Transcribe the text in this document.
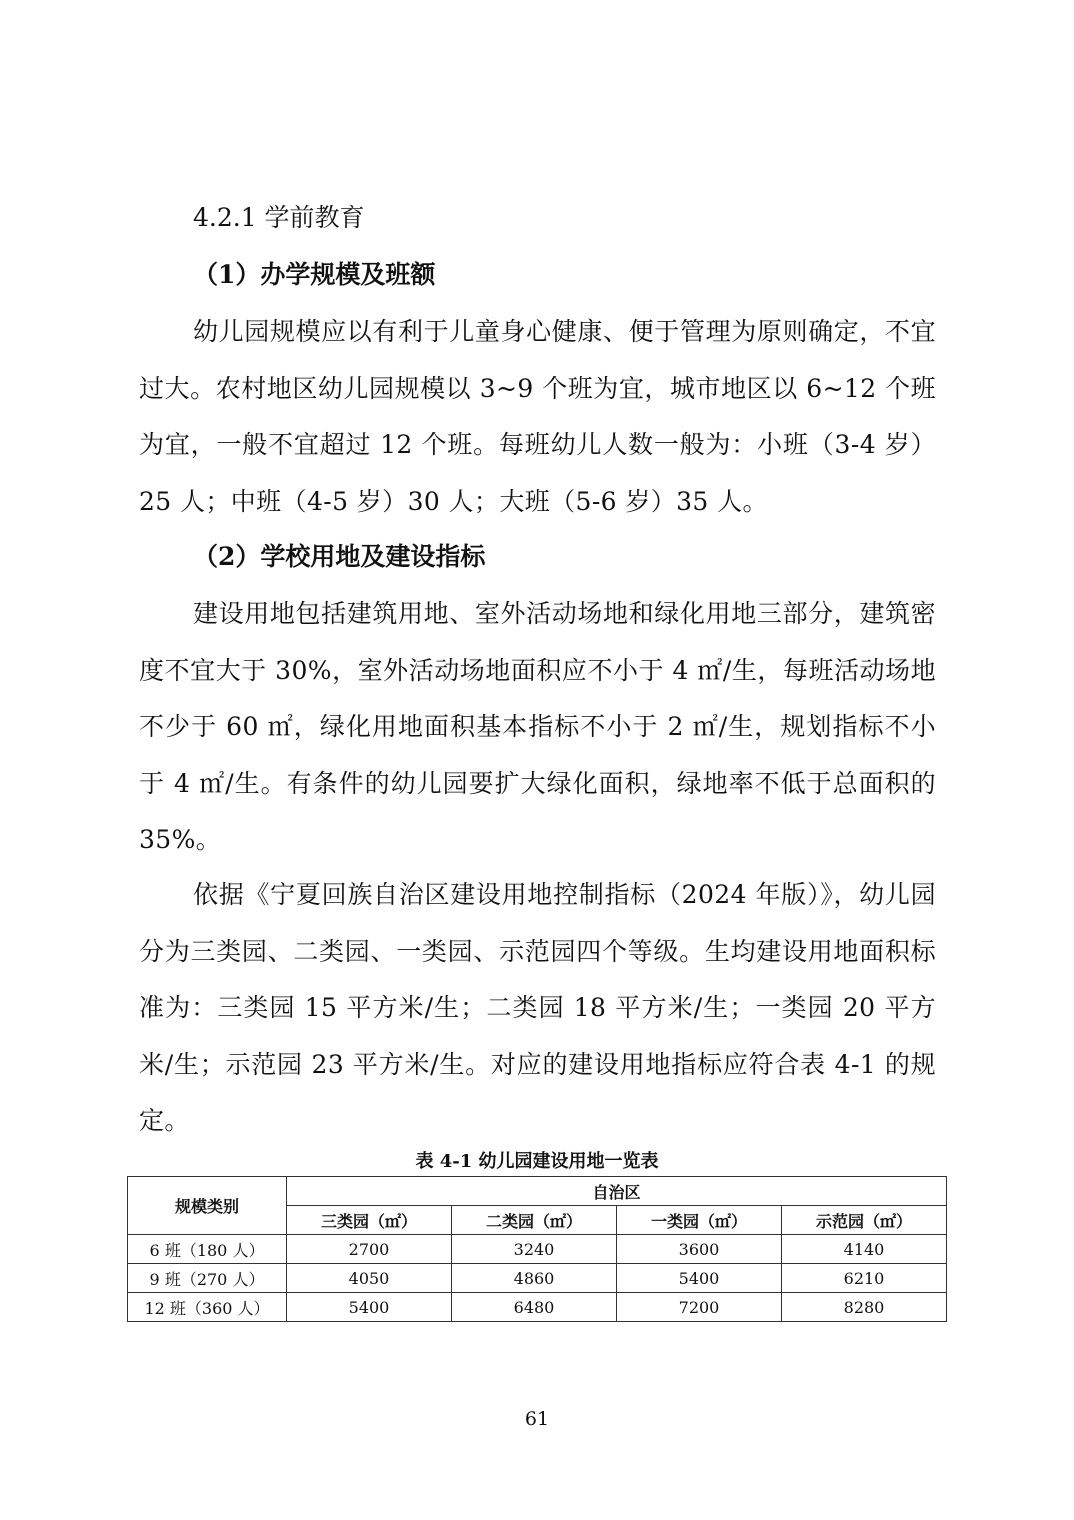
4.2.1 学前教育
（1）办学规模及班额

幼儿园规模应以有利于儿童身心健康、便于管理为原则确定，不宜过大。农村地区幼儿园规模以 3~9 个班为宜，城市地区以 6~12 个班为宜，一般不宜超过 12 个班。每班幼儿人数一般为：小班（3-4 岁）25 人；中班（4-5 岁）30 人；大班（5-6 岁）35 人。

（2）学校用地及建设指标

建设用地包括建筑用地、室外活动场地和绿化用地三部分，建筑密度不宜大于 30%，室外活动场地面积应不小于 4 ㎡/生，每班活动场地不少于 60 ㎡，绿化用地面积基本指标不小于 2 ㎡/生，规划指标不小于 4 ㎡/生。有条件的幼儿园要扩大绿化面积，绿地率不低于总面积的 35%。

依据《宁夏回族自治区建设用地控制指标（2024 年版）》，幼儿园分为三类园、二类园、一类园、示范园四个等级。生均建设用地面积标准为：三类园 15 平方米/生；二类园 18 平方米/生；一类园 20 平方米/生；示范园 23 平方米/生。对应的建设用地指标应符合表 4-1 的规定。

表 4-1 幼儿园建设用地一览表
规模类别	自治区			
	三类园（㎡）	二类园（㎡）	一类园（㎡）	示范园（㎡）
6 班（180 人）	2700	3240	3600	4140
9 班（270 人）	4050	4860	5400	6210
12 班（360 人）	5400	6480	7200	8280
61
